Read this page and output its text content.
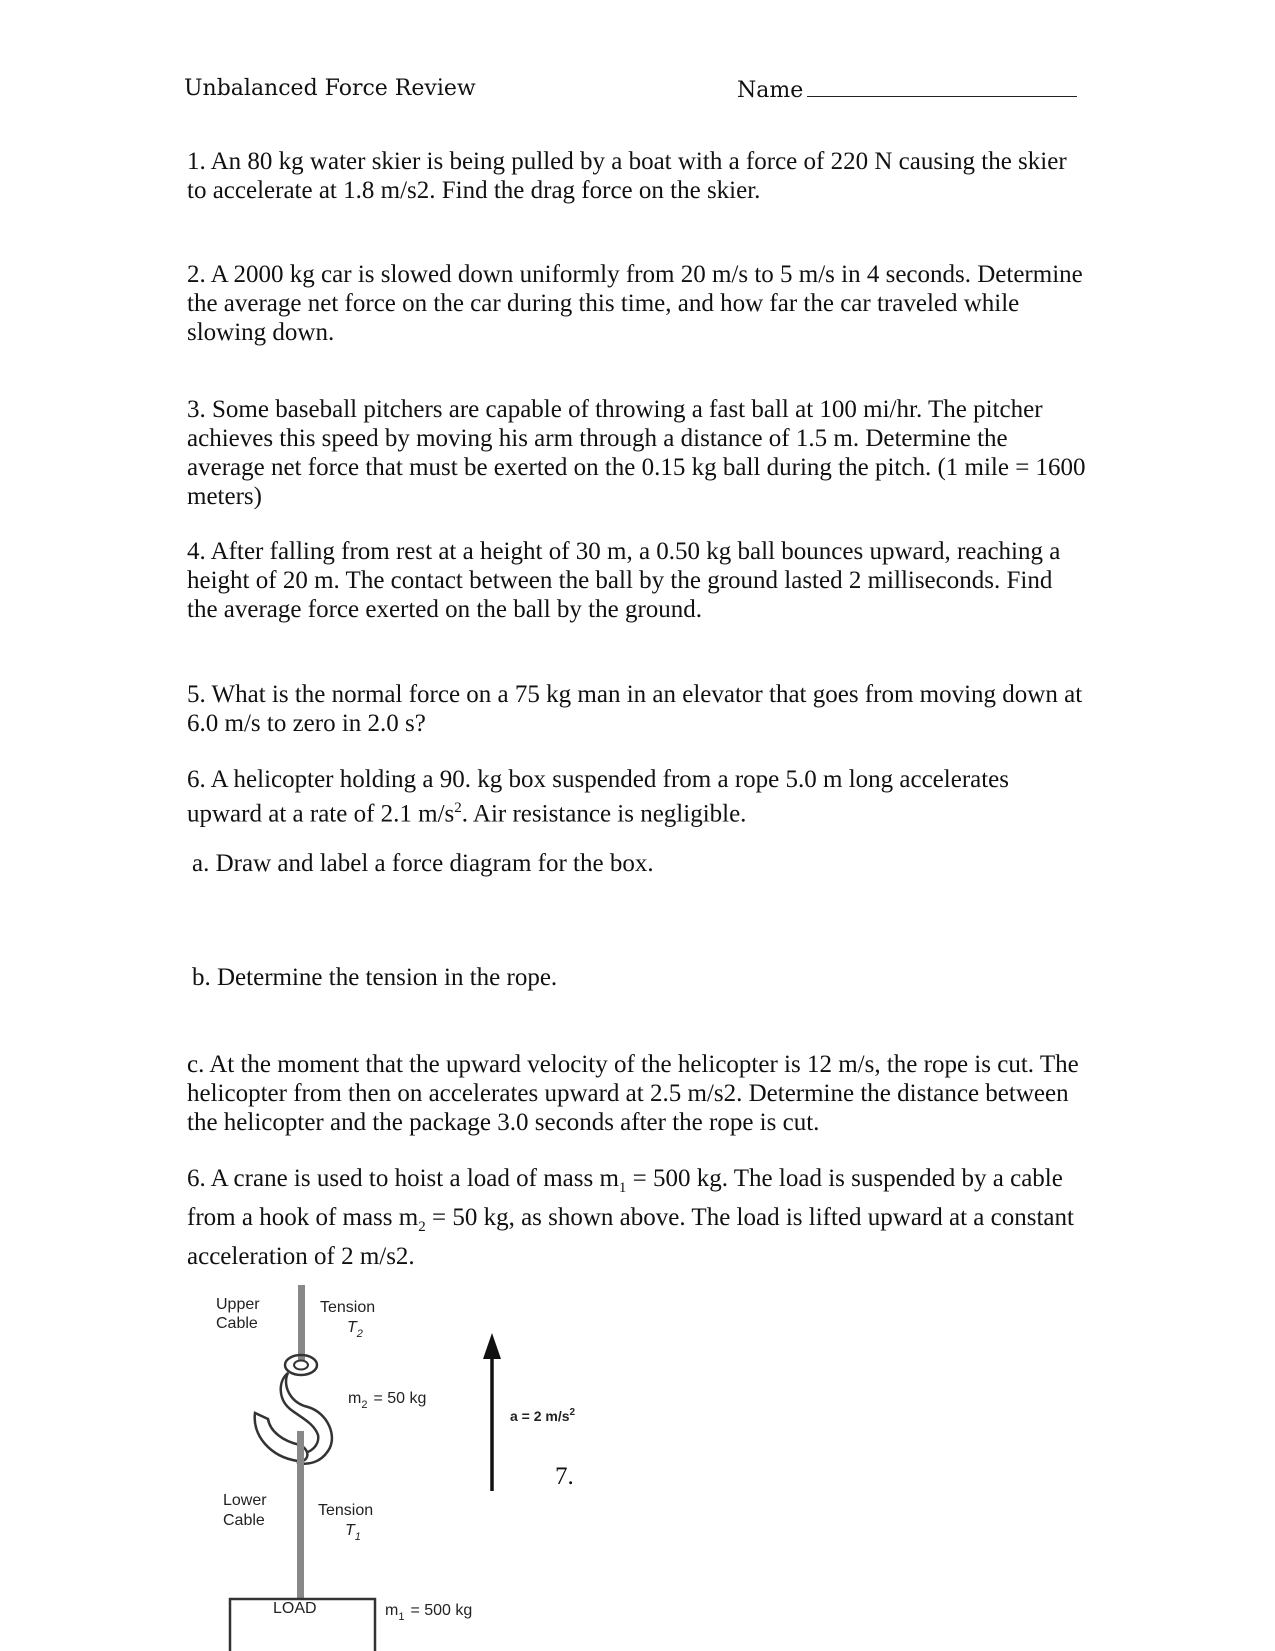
Unbalanced Force Review	Name

1. An 80 kg water skier is being pulled by a boat with a force of 220 N causing the skier to accelerate at 1.8 m/s2. Find the drag force on the skier.

2. A 2000 kg car is slowed down uniformly from 20 m/s to 5 m/s in 4 seconds. Determine the average net force on the car during this time, and how far the car traveled while slowing down.

3. Some baseball pitchers are capable of throwing a fast ball at 100 mi/hr. The pitcher achieves this speed by moving his arm through a distance of 1.5 m. Determine the average net force that must be exerted on the 0.15 kg ball during the pitch. (1 mile = 1600 meters)

4. After falling from rest at a height of 30 m, a 0.50 kg ball bounces upward, reaching a height of 20 m. The contact between the ball by the ground lasted 2 milliseconds. Find the average force exerted on the ball by the ground.

5. What is the normal force on a 75 kg man in an elevator that goes from moving down at 6.0 m/s to zero in 2.0 s?

6. A helicopter holding a 90. kg box suspended from a rope 5.0 m long accelerates upward at a rate of 2.1 $m/s^2$. Air resistance is negligible.

a. Draw and label a force diagram for the box.

b. Determine the tension in the rope.

c. At the moment that the upward velocity of the helicopter is 12 m/s, the rope is cut. The helicopter from then on accelerates upward at 2.5 m/s2. Determine the distance between the helicopter and the package 3.0 seconds after the rope is cut.

6. A crane is used to hoist a load of mass $m_1 = 500$ kg. The load is suspended by a cable from a hook of mass $m_2 = 50$ kg, as shown above. The load is lifted upward at a constant acceleration of 2 m/s2.

Upper
Cable
Tension
$T_2$
$m_2 = 50$ kg
a = 2 $m/s^2$
Lower
Cable
Tension
$T_1$
LOAD	$m_1 = 500$ kg
7.
